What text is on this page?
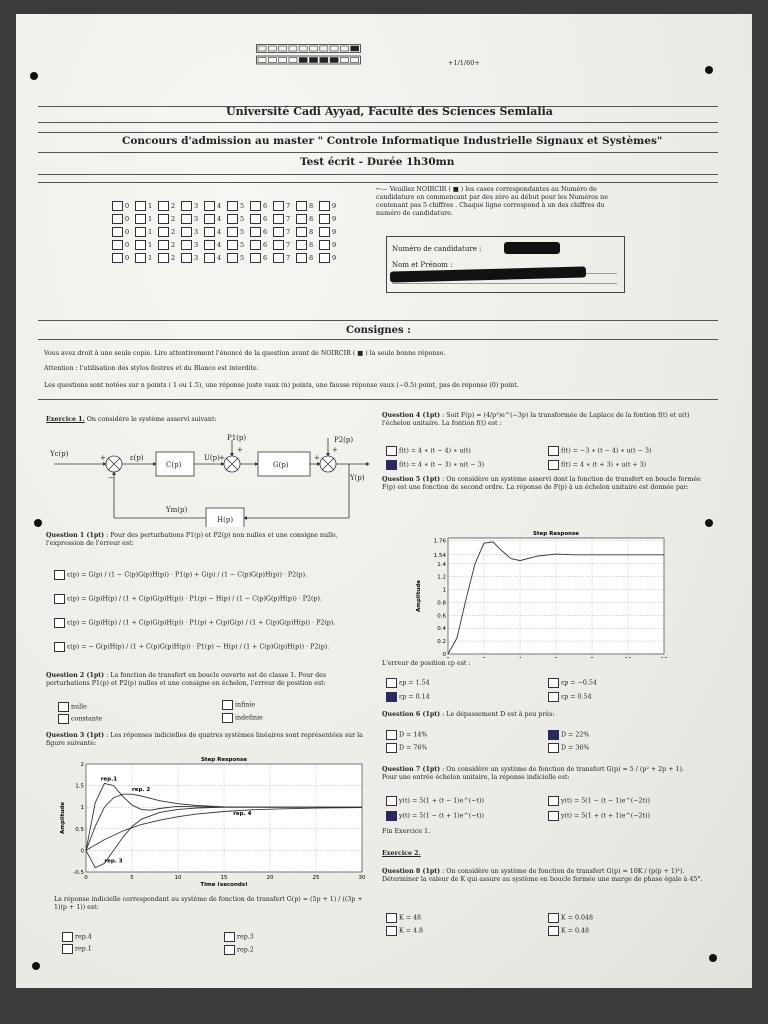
+1/1/60+
Université Cadi Ayyad, Faculté des Sciences Semlalia
Concours d'admission au master " Controle Informatique Industrielle Signaux et Systèmes"
Test écrit - Durée 1h30mn
0	1	2	3	4	5	6	7	8	9
0	1	2	3	4	5	6	7	8	9
0	1	2	3	4	5	6	7	8	9
0	1	2	3	4	5	6	7	8	9
0	1	2	3	4	5	6	7	8	9
←— Veuillez NOIRCIR ( ■ ) les cases correspondantes au Numéro de candidature en commencant par des zéro au début pour les Numéros ne contenant pas 5 chiffres . Chaque ligne correspond à un des chiffres du numéro de candidature.
Numéro de candidature :
Nom et Prénom :
Consignes :
Vous avez droit à une seule copie. Lire attentivement l'énoncé de la question avant de NOIRCIR ( ■ ) la seule bonne réponse.
Attention : l'utilisation des stylos feutres et du Blanco est interdite.
Les questions sont notées sur n points ( 1 ou 1.5), une réponse juste vaux (n) points, une fausse réponse vaux (−0.5) point, pas de réponse (0) point.
Exercice 1. On considère le système asservi suivant:
Yc(p)	ε(p)
C(p)
U(p)
P1(p)
G(p)
P2(p)
Y(p)
Ym(p)
H(p)
+
−
+
+
+
+
Question 1 (1pt) : Pour des perturbations P1(p) et P2(p) non nulles et une consigne nulle, l'expression de l'erreur est:
ε(p) = G(p) / (1 − C(p)G(p)H(p)) · P1(p) + G(p) / (1 − C(p)G(p)H(p)) · P2(p).
ε(p) = G(p)H(p) / (1 + C(p)G(p)H(p)) · P1(p) − H(p) / (1 − C(p)G(p)H(p)) · P2(p).
ε(p) = G(p)H(p) / (1 + C(p)G(p)H(p)) · P1(p) + C(p)G(p) / (1 + C(p)G(p)H(p)) · P2(p).
ε(p) = − G(p)H(p) / (1 + C(p)G(p)H(p)) · P1(p) − H(p) / (1 + C(p)G(p)H(p)) · P2(p).
Question 2 (1pt) : La fonction de transfert en boucle ouverte est de classe 1. Pour des perturbations P1(p) et P2(p) nulles et une consigne en échelon, l'erreur de position est:
nulle	infinie
constante	indefinie
Question 3 (1pt) : Les réponses indicielles de quatres systèmes linéaires sont représentées sur la figure suivante:
0	5	10	15	20	25	30
-0.5
0
0.5
1
1.5
2
Step Response
Time (seconds)
Amplitude
rep.1
rep. 2
rep. 4
rep. 3
La réponse indicielle correspondant au système de fonction de transfert G(p) = (5p + 1) / ((3p + 1)(p + 1)) est:
rep.4	rep.3
rep.1	rep.2
Question 4 (1pt) : Soit F(p) = (4/p²)e^(−3p) la transformée de Laplace de la fontion f(t) et u(t) l'échelon unitaire. La fontion f(t) est :
f(t) = 4 ∗ (t − 4) ∗ u(t)	f(t) = −3 ∗ (t − 4) ∗ u(t − 3)
f(t) = 4 ∗ (t − 3) ∗ u(t − 3)	f(t) = 4 ∗ (t + 3) ∗ u(t + 3)
Question 5 (1pt) : On considère un système asservi dont la fonction de transfert en boucle fermée F(p) est une fonction de second ordre. La réponse de F(p) à un échelon unitaire est donnée par:
0
0.2
0.4
0.6
0.8
1
1.2
1.4
1.54
1.76
Step Response
Amplitude
L'erreur de position εp est :
εp = 1.54	εp = −0.54
εp = 0.14	εp = 0.54
Question 6 (1pt) : Le dépassement D est à peu près:
D = 14%	D = 22%
D = 76%	D = 36%
Question 7 (1pt) : On considère un système de fonction de transfert G(p) = 5 / (p² + 2p + 1).
Pour une entrée échelon unitaire, la réponse indicielle est:
y(t) = 5(1 + (t − 1)e^(−t))	y(t) = 5(1 − (t − 1)e^(−2t))
y(t) = 5(1 − (t + 1)e^(−t))	y(t) = 5(1 + (t + 1)e^(−2t))
Fin Exercice 1.
Exercice 2.
Question 8 (1pt) : On considère un système de fonction de transfert G(p) = 10K / (p(p + 1)²).
Déterminer la valeur de K qui assure au système en boucle fermée une marge de phase égale à 45°.
K = 48	K = 0.048
K = 4.8	K = 0.48
